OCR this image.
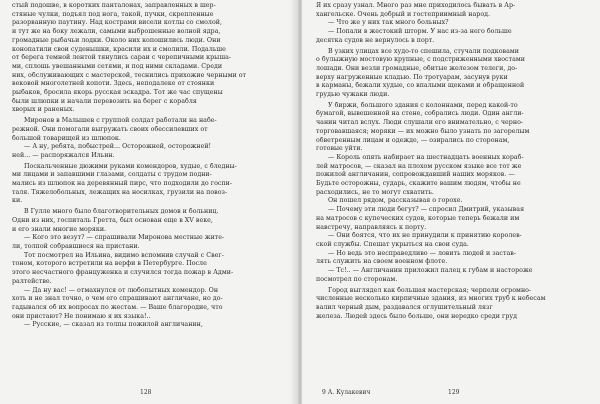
стый подошве, в коротких панталонах, заправленных в шер-
стяные чулки, подъял под нога, такой, пучки, скрепленные
разорванную паутину. Над кострами висели котлы со смолой,
и тут же на боку лежали, самыми выброшенные волной ядра,
громадные рыбачьи лодки. Около них копошились люди. Они
конопатили свои суденышки, красили их и смолили. Подальше
от берега темной лентой тянулись сараи с черепичными крыша-
ми, сплошь увешанными сетями, и под ними складами. Среди
них, обслуживающих с мастерской, теснились прихожие черными от
вековой многолетней копоти. Здесь, неподалеке от стоянки
рыбаков, бросила якорь русская эскадра. Тот же час спущены
были шлюпки и начали перевозить на берег с корабля
хворых и раненых.
Миронов в Малышев с группой солдат работали на набе-
режной. Они помогали выгружать своих обессилевших от
большой товарищей из шлюпок.
— А ну, ребята, побыстрей... Осторожней, осторожней!
ней... — распоряжался Ильин.
Поскальченные дюжими руками комендоров, худые, с бледны-
ми лицами и запавшими глазами, солдаты с трудом подни-
мались из шлюпок на деревянный пирс, что подходили до госпи-
таля. Тяжелобольных, лежащих на носилках, грузили на повоз-
ки.
В Гулле много было благотворительных домов и больниц.
Одни из них, госпиталь Гретта, был основан еще в XV веке,
и его знали многие моряки.
— Кого это везут? — спрашивали Миронова местные жите-
ли, толпой собравшиеся на пристани.
Тот посмотрел на Ильина, видимо вспомнив случай с Свег-
тоном, которого встретили на верфи в Петербурге. После
этого несчастного француженка и случился тогда пожар в Адми-
ралтействе.
— Да ну вас! — отмахнулся от любопытных комендор. Он
хоть и не знал точно, о чем его спрашивают англичане, но до-
гадывался об их вопросах по жестам. — Ваше благородие, что
они пристают? Не понимаю я их языка!..
— Русские, — сказал из толпы пожилой англичанин,
128
Я их сразу узнал. Много раз мне приходилось бывать в Ар-
хангельске. Очень добрый и гостеприимный народ.
— Что же у них так много больных?
— Попали в жестокий шторм. У нас из-за него больше
десятка судов не вернулось в порт.
В узких улицах все худо-то спешила, стучали подковами
о булыжную мостовую крупные, с подстриженными хвостами
лошади. Они везли громадные, обитые железом телеги, до-
верху нагруженные кладью. По тротуарам, засунув руки
в карманы, бежали худые, со впалыми щеками и обращенной
грудью чужаки люди.
У биржи, большого здания с колоннами, перед какой-то
бумагой, вывешенной на стене, собрались люди. Один англи-
чанин читал вслух. Люди слушали его внимательно, с черно-
торговавшаяся; моряки — их можно было узнать по загорелым
обветренным лицам и одежде, — озирались по сторонам,
готовые уйти.
— Король опять набирает на шестнадцать военных кораб-
лей матросов, — сказал на плохом русском языке все тот же
пожилой англичанин, сопровождавший наших моряков. —
Будьте осторожны, сударь, скажите вашим людям, чтобы не
расходились, не то могут схватить.
Он пошел рядом, рассказывая о горохе.
— Почему эти люди бегут? — спросил Дмитрий, указывая
на матросов с купеческих судов, которые теперь бежали им
навстречу, направляясь к порту.
— Они боятся, что их не принудили к принятию королев-
ской службы. Спешат укрыться на свои суда.
— Но ведь это несправедливо — ловить людей и застав-
лять служить на своем военном флоте.
— Тс!.. — Англичанин приложил палец к губам и настороже
посмотрел по сторонам.
Город выглядел как большая мастерская; черпели огромно-
численные несколько кирпичные здания, из многих труб к небесам
валил черный дым, раздавался оглушительный лязг
железа. Людей здесь было больше, они нередко среди груд
9 А. Кулакевич	129
